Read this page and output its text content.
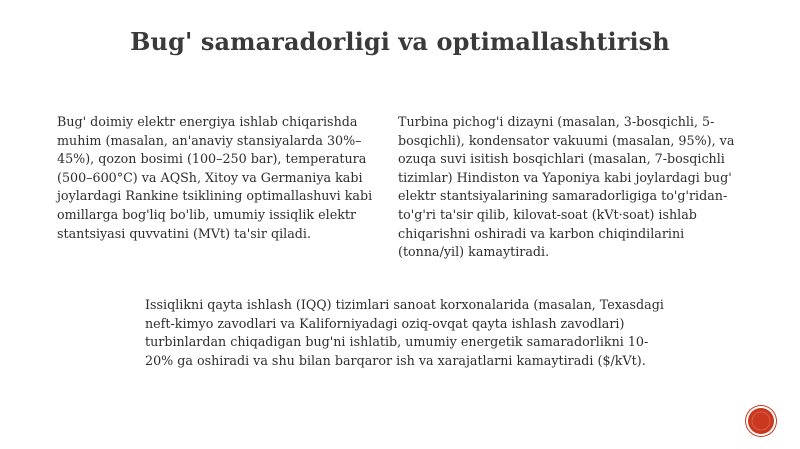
Bug' samaradorligi va optimallashtirish
Bug' doimiy elektr energiya ishlab chiqarishda muhim (masalan, an'anaviy stansiyalarda 30%–45%), qozon bosimi (100–250 bar), temperatura (500–600°C) va AQSh, Xitoy va Germaniya kabi joylardagi Rankine tsiklining optimallashuvi kabi omillarga bog'liq bo'lib, umumiy issiqlik elektr stantsiyasi quvvatini (MVt) ta'sir qiladi.
Turbina pichog'i dizayni (masalan, 3-bosqichli, 5-bosqichli), kondensator vakuumi (masalan, 95%), va ozuqa suvi isitish bosqichlari (masalan, 7-bosqichli tizimlar) Hindiston va Yaponiya kabi joylardagi bug' elektr stantsiyalarining samaradorligiga to'g'ridan-to'g'ri ta'sir qilib, kilovat-soat (kVt·soat) ishlab chiqarishni oshiradi va karbon chiqindilarini (tonna/yil) kamaytiradi.
Issiqlikni qayta ishlash (IQQ) tizimlari sanoat korxonalarida (masalan, Texasdagi neft-kimyo zavodlari va Kaliforniyadagi oziq-ovqat qayta ishlash zavodlari) turbinlardan chiqadigan bug'ni ishlatib, umumiy energetik samaradorlikni 10-20% ga oshiradi va shu bilan barqaror ish va xarajatlarni kamaytiradi ($/kVt).
